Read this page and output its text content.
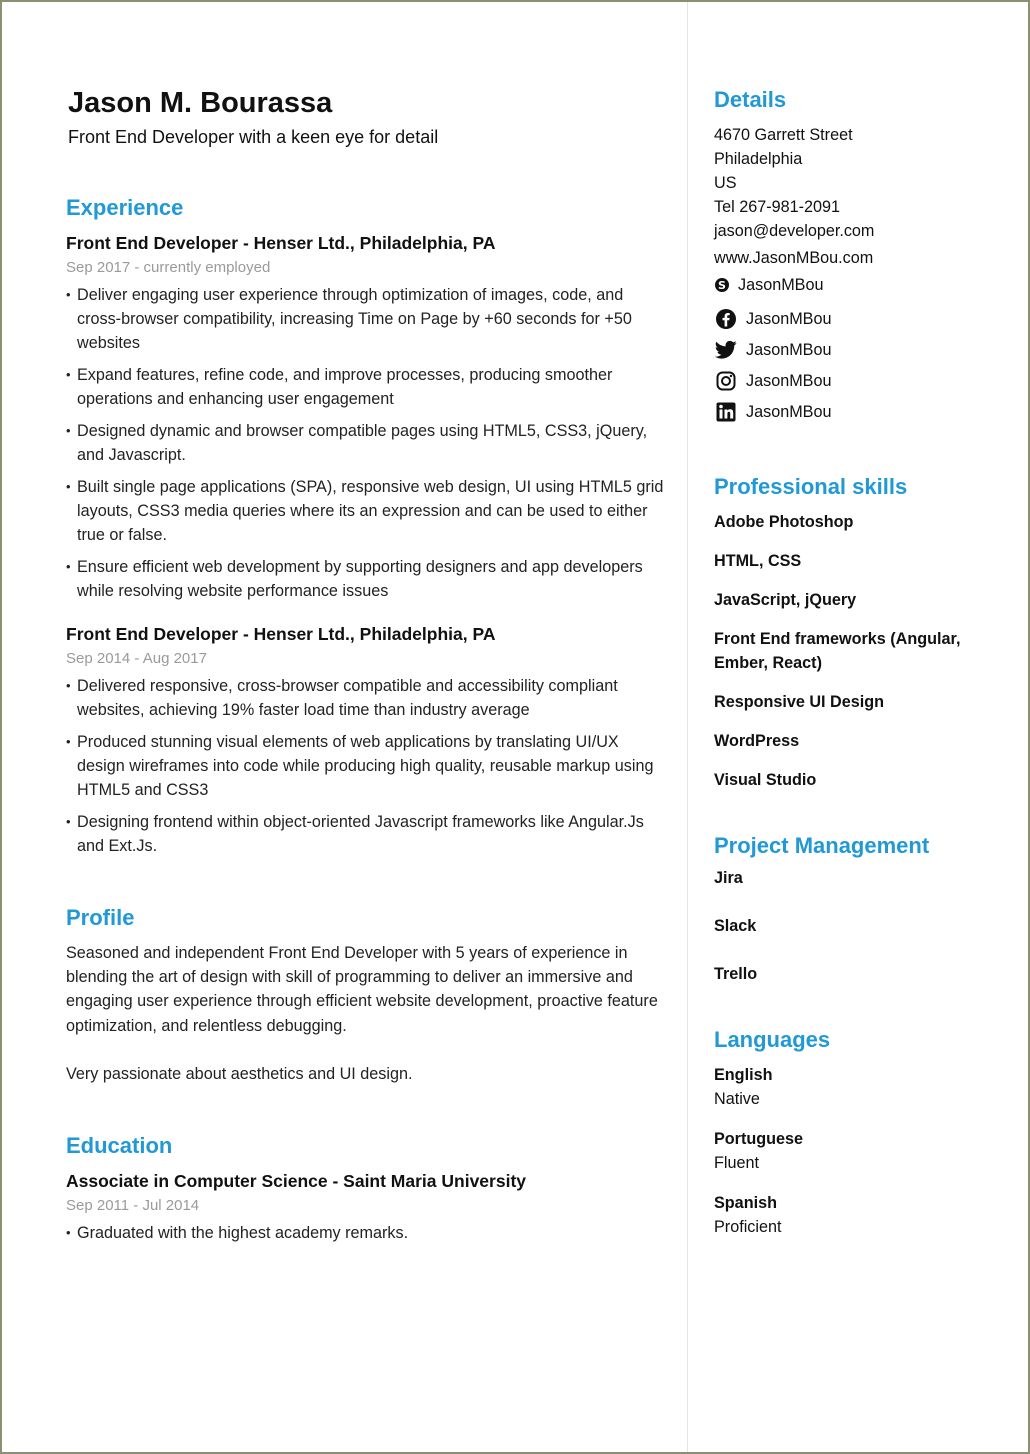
Jason M. Bourassa
Front End Developer with a keen eye for detail
Experience
Front End Developer - Henser Ltd., Philadelphia, PA
Sep 2017 - currently employed
• Deliver engaging user experience through optimization of images, code, and cross-browser compatibility, increasing Time on Page by +60 seconds for +50 websites
• Expand features, refine code, and improve processes, producing smoother operations and enhancing user engagement
• Designed dynamic and browser compatible pages using HTML5, CSS3, jQuery, and Javascript.
• Built single page applications (SPA), responsive web design, UI using HTML5 grid layouts, CSS3 media queries where its an expression and can be used to either true or false.
• Ensure efficient web development by supporting designers and app developers while resolving website performance issues
Front End Developer - Henser Ltd., Philadelphia, PA
Sep 2014 - Aug 2017
• Delivered responsive, cross-browser compatible and accessibility compliant websites, achieving 19% faster load time than industry average
• Produced stunning visual elements of web applications by translating UI/UX design wireframes into code while producing high quality, reusable markup using HTML5 and CSS3
• Designing frontend within object-oriented Javascript frameworks like Angular.Js and Ext.Js.
Profile

Seasoned and independent Front End Developer with 5 years of experience in blending the art of design with skill of programming to deliver an immersive and engaging user experience through efficient website development, proactive feature optimization, and relentless debugging.

Very passionate about aesthetics and UI design.

Education
Associate in Computer Science - Saint Maria University
Sep 2011 - Jul 2014
• Graduated with the highest academy remarks.
Details
4670 Garrett Street
Philadelphia
US
Tel 267-981-2091
jason@developer.com
www.JasonMBou.com
S JasonMBou
JasonMBou
JasonMBou
JasonMBou
JasonMBou
Professional skills
Adobe Photoshop
HTML, CSS
JavaScript, jQuery
Front End frameworks (Angular, Ember, React)
Responsive UI Design
WordPress
Visual Studio
Project Management
Jira
Slack
Trello
Languages
English
Native
Portuguese
Fluent
Spanish
Proficient
